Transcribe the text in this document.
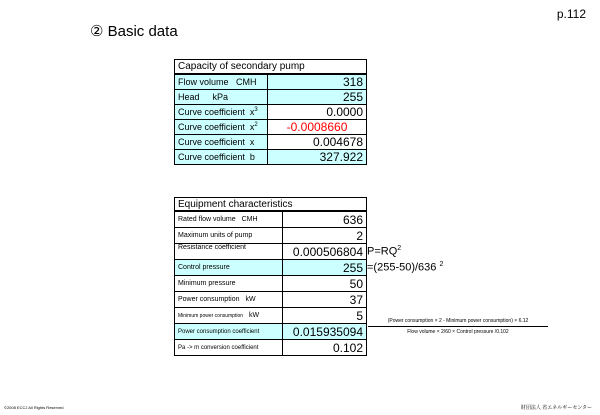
p.112
② Basic data
Capacity of secondary pump	
Flow volume CMH	318
Head kPa	255
Curve coefficient $x^3$	0.0000
Curve coefficient $x^2$	-0.0008660
Curve coefficient x	0.004678
Curve coefficient b	327.922
Equipment characteristics	
Rated flow volume CMH	636
Maximum units of pump	2
Resistance coefficient	0.000506804
Control pressure	255
Minimum pressure	50
Power consumption kW	37
Minimum power consumption kW	5
Power consumption coefficient	0.015935094
Pa -> m conversion coefficient	0.102
$P=RQ^2$
=(255-50)/636 $^2$
(Power consumption × 2 - Minimum power consumption) × 6.12
Flow volume × 2/60 × Control pressure /0.102
©2008 ECCJ All Rights Reserved	財団法人 省エネルギーセンター
